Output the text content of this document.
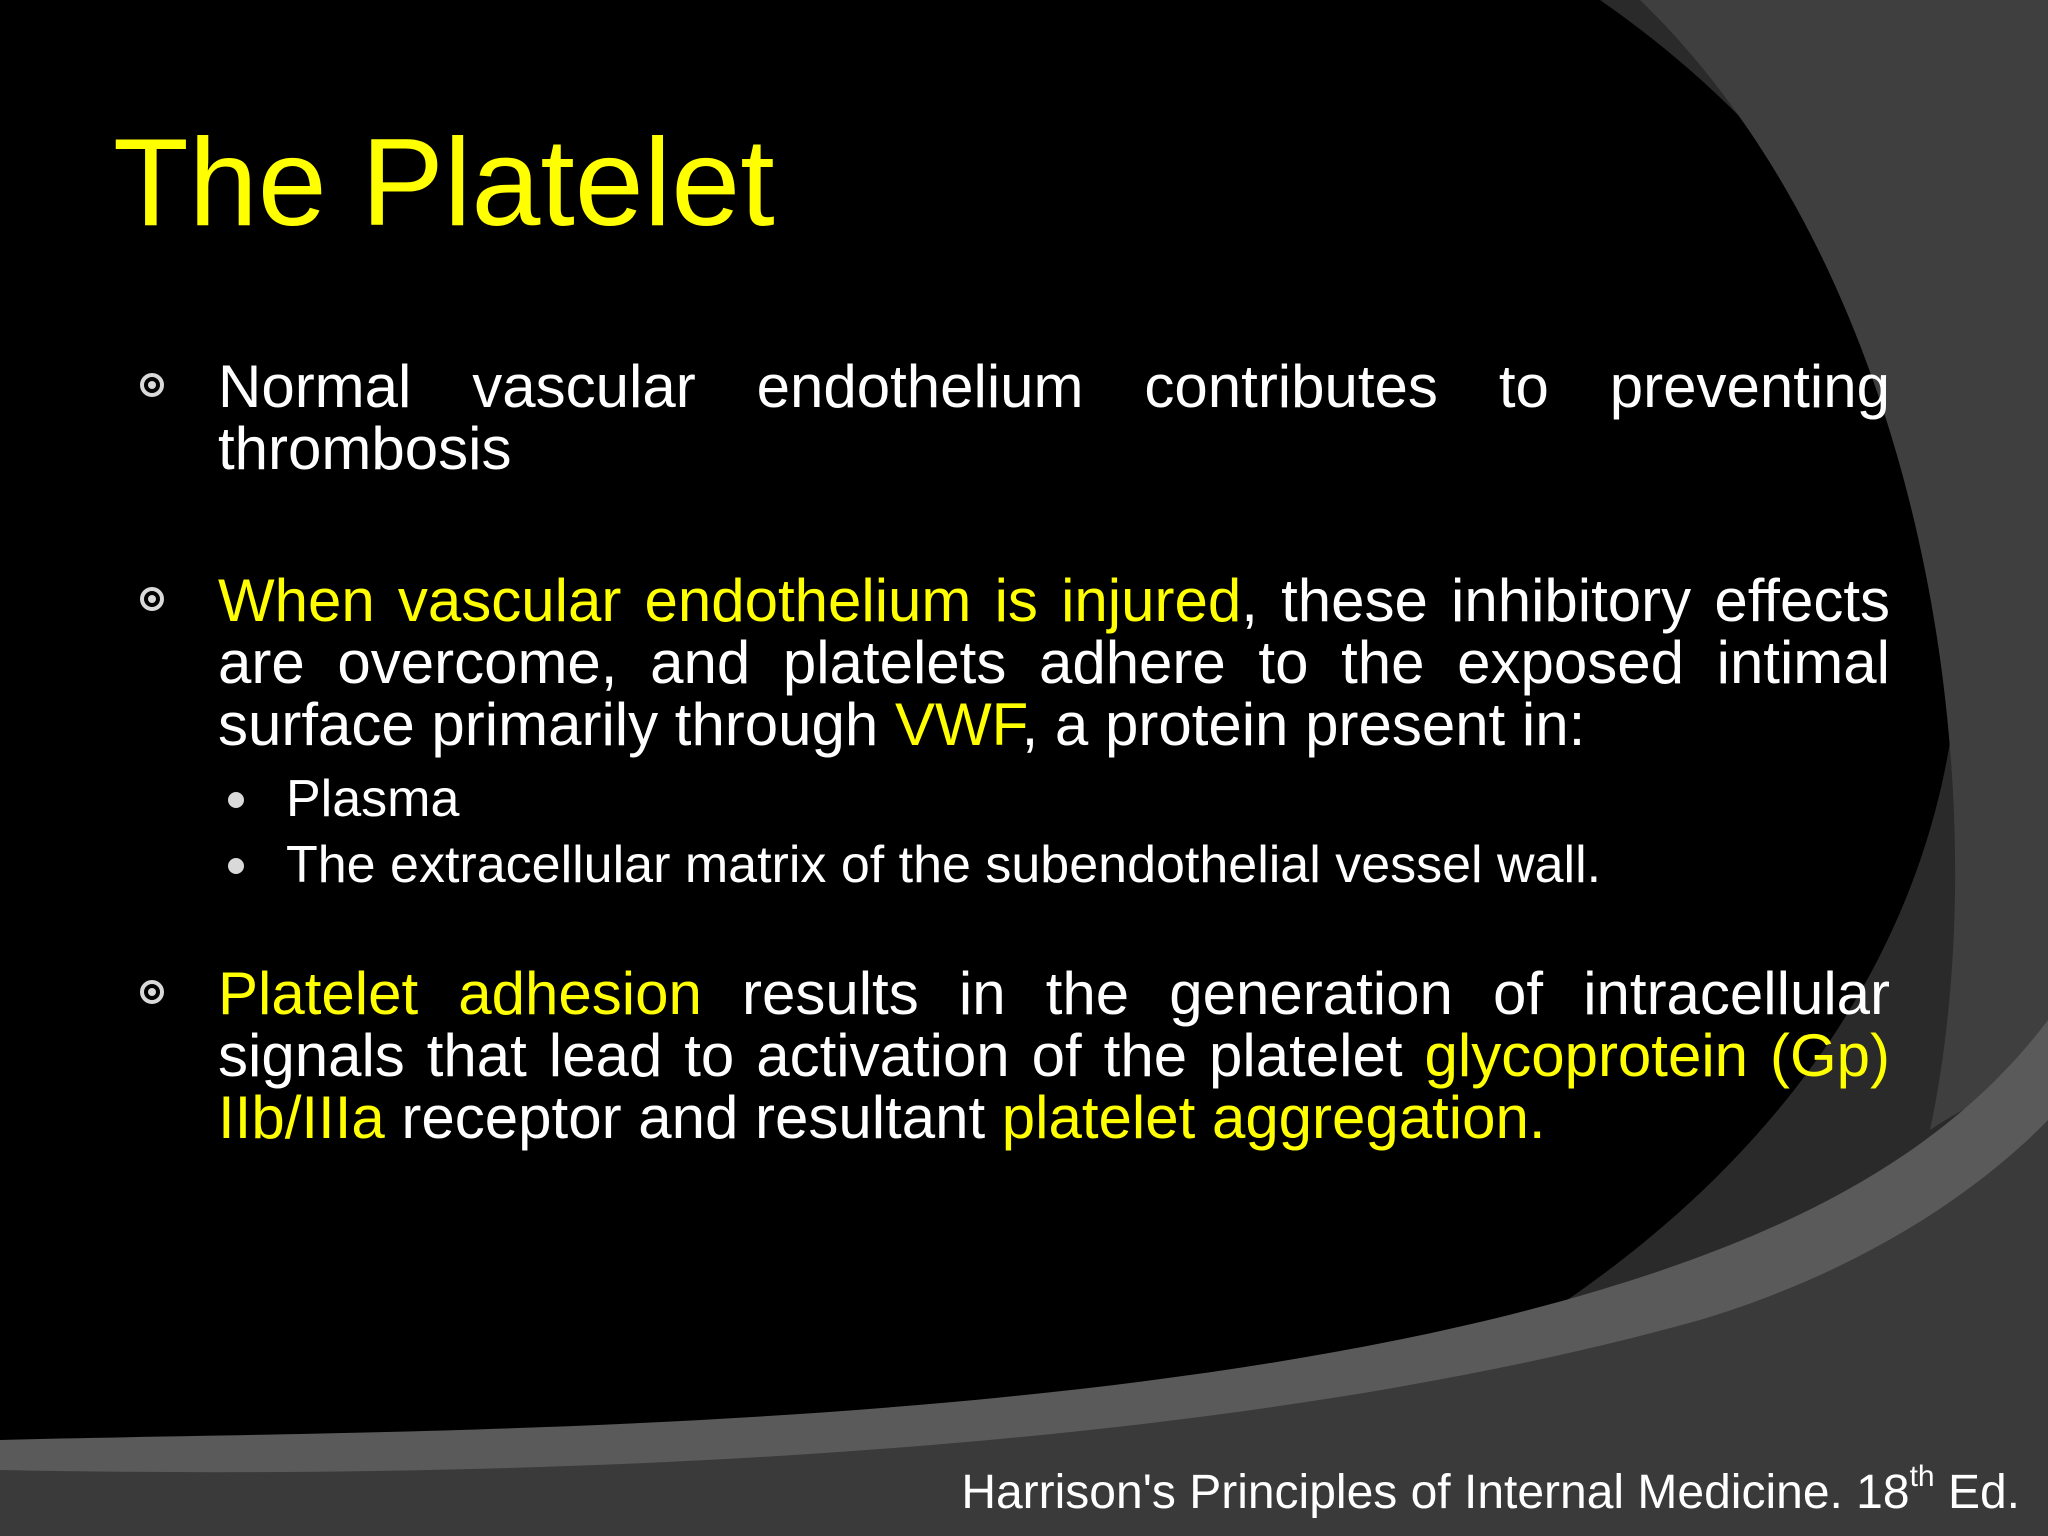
The Platelet
Normal vascular endothelium contributes to preventing thrombosis
When vascular endothelium is injured, these inhibitory effects are overcome, and platelets adhere to the exposed intimal surface primarily through VWF, a protein present in:
Plasma
The extracellular matrix of the subendothelial vessel wall.
Platelet adhesion results in the generation of intracellular signals that lead to activation of the platelet glycoprotein (Gp) IIb/IIIa receptor and resultant platelet aggregation.
Harrison's Principles of Internal Medicine. 18th Ed.
